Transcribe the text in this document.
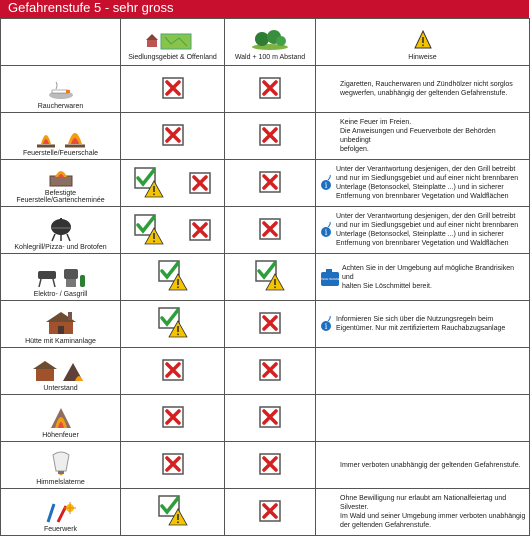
Gefahrenstufe 5 - sehr gross

Siedlungsgebiet & Offenland	Wald + 100 m Abstand	Hinweise

Raucherwaren			Zigaretten, Raucherwaren und Zündhölzer nicht sorglos

wegwerfen, unabhängig der geltenden Gefahrenstufe.

Feuerstelle/Feuerschale			Keine Feuer im Freien.

Die Anweisungen und Feuerverbote der Behörden unbedingt

befolgen.

Befestigte Feuerstelle/Gartencheminée			i

Unter der Verantwortung desjenigen, der den Grill betreibt

und nur im Siedlungsgebiet und auf einer nicht brennbaren

Unterlage (Betonsockel, Steinplatte ...) und in sicherer

Entfernung von brennbarer Vegetation und Waldflächen

Kohlegrill/Pizza- und Brotofen			i

Unter der Verantwortung desjenigen, der den Grill betreibt

und nur im Siedlungsgebiet und auf einer nicht brennbaren

Unterlage (Betonsockel, Steinplatte ...) und in sicherer

Entfernung von brennbarer Vegetation und Waldflächen

Elektro- / Gasgrill			LÖSCH WASSER

Achten Sie in der Umgebung auf mögliche Brandrisiken und

halten Sie Löschmittel bereit.

Hütte mit Kaminanlage			i

Informieren Sie sich über die Nutzungsregeln beim

Eigentümer. Nur mit zertifiziertem Rauchabzugsanlage

Unterstand			

Höhenfeuer			

Himmelslaterne			Immer verboten unabhängig der geltenden Gefahrenstufe.

Feuerwerk			Ohne Bewilligung nur erlaubt am Nationalfeiertag und

Silvester.

Im Wald und seiner Umgebung immer verboten unabhängig

der geltenden Gefahrenstufe.
